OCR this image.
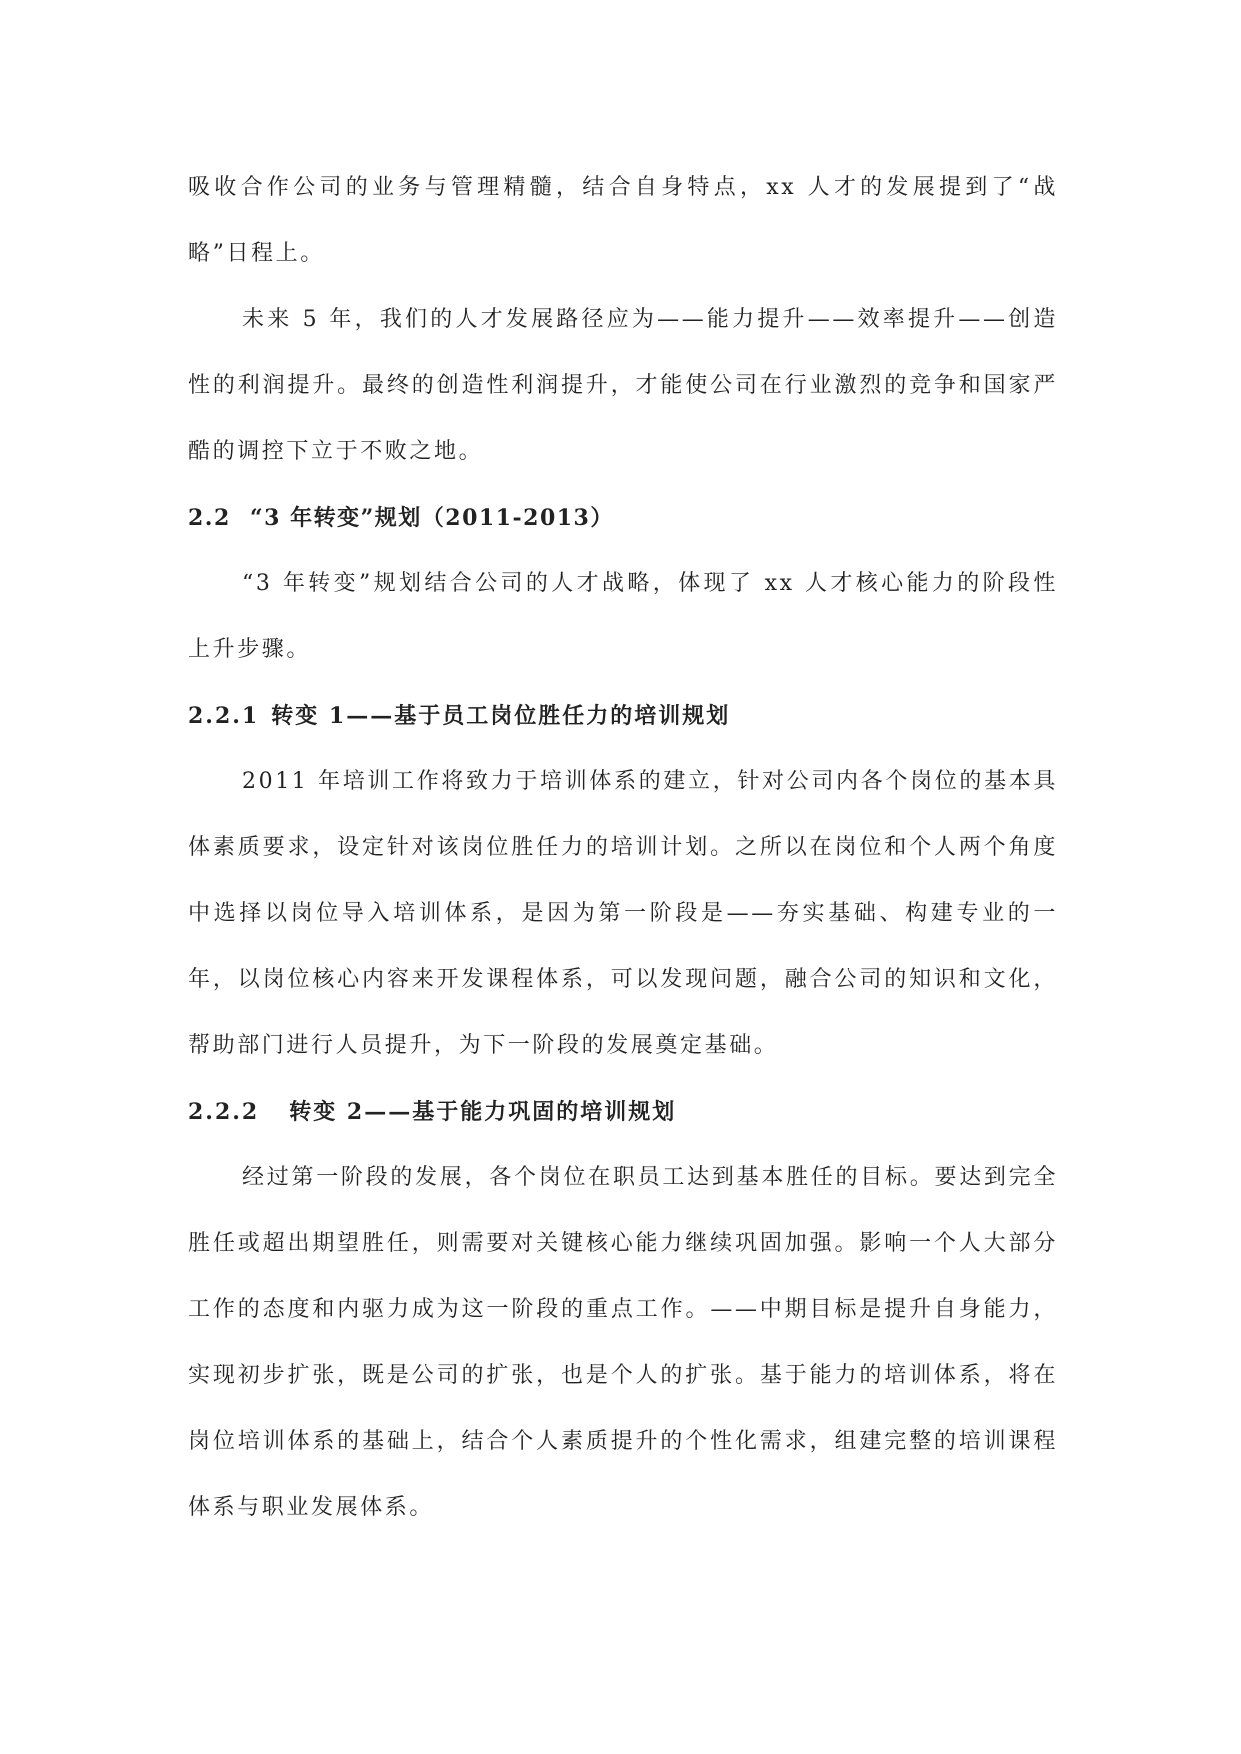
吸收合作公司的业务与管理精髓，结合自身特点，xx 人才的发展提到了“战略”日程上。

未来 5 年，我们的人才发展路径应为——能力提升——效率提升——创造性的利润提升。最终的创造性利润提升，才能使公司在行业激烈的竞争和国家严酷的调控下立于不败之地。

2.2 “3 年转变”规划（2011-2013）

“3 年转变”规划结合公司的人才战略，体现了 xx 人才核心能力的阶段性上升步骤。

2.2.1 转变 1——基于员工岗位胜任力的培训规划

2011 年培训工作将致力于培训体系的建立，针对公司内各个岗位的基本具体素质要求，设定针对该岗位胜任力的培训计划。之所以在岗位和个人两个角度中选择以岗位导入培训体系，是因为第一阶段是——夯实基础、构建专业的一年，以岗位核心内容来开发课程体系，可以发现问题，融合公司的知识和文化，帮助部门进行人员提升，为下一阶段的发展奠定基础。

2.2.2 转变 2——基于能力巩固的培训规划

经过第一阶段的发展，各个岗位在职员工达到基本胜任的目标。要达到完全胜任或超出期望胜任，则需要对关键核心能力继续巩固加强。影响一个人大部分工作的态度和内驱力成为这一阶段的重点工作。——中期目标是提升自身能力，实现初步扩张，既是公司的扩张，也是个人的扩张。基于能力的培训体系，将在岗位培训体系的基础上，结合个人素质提升的个性化需求，组建完整的培训课程体系与职业发展体系。
